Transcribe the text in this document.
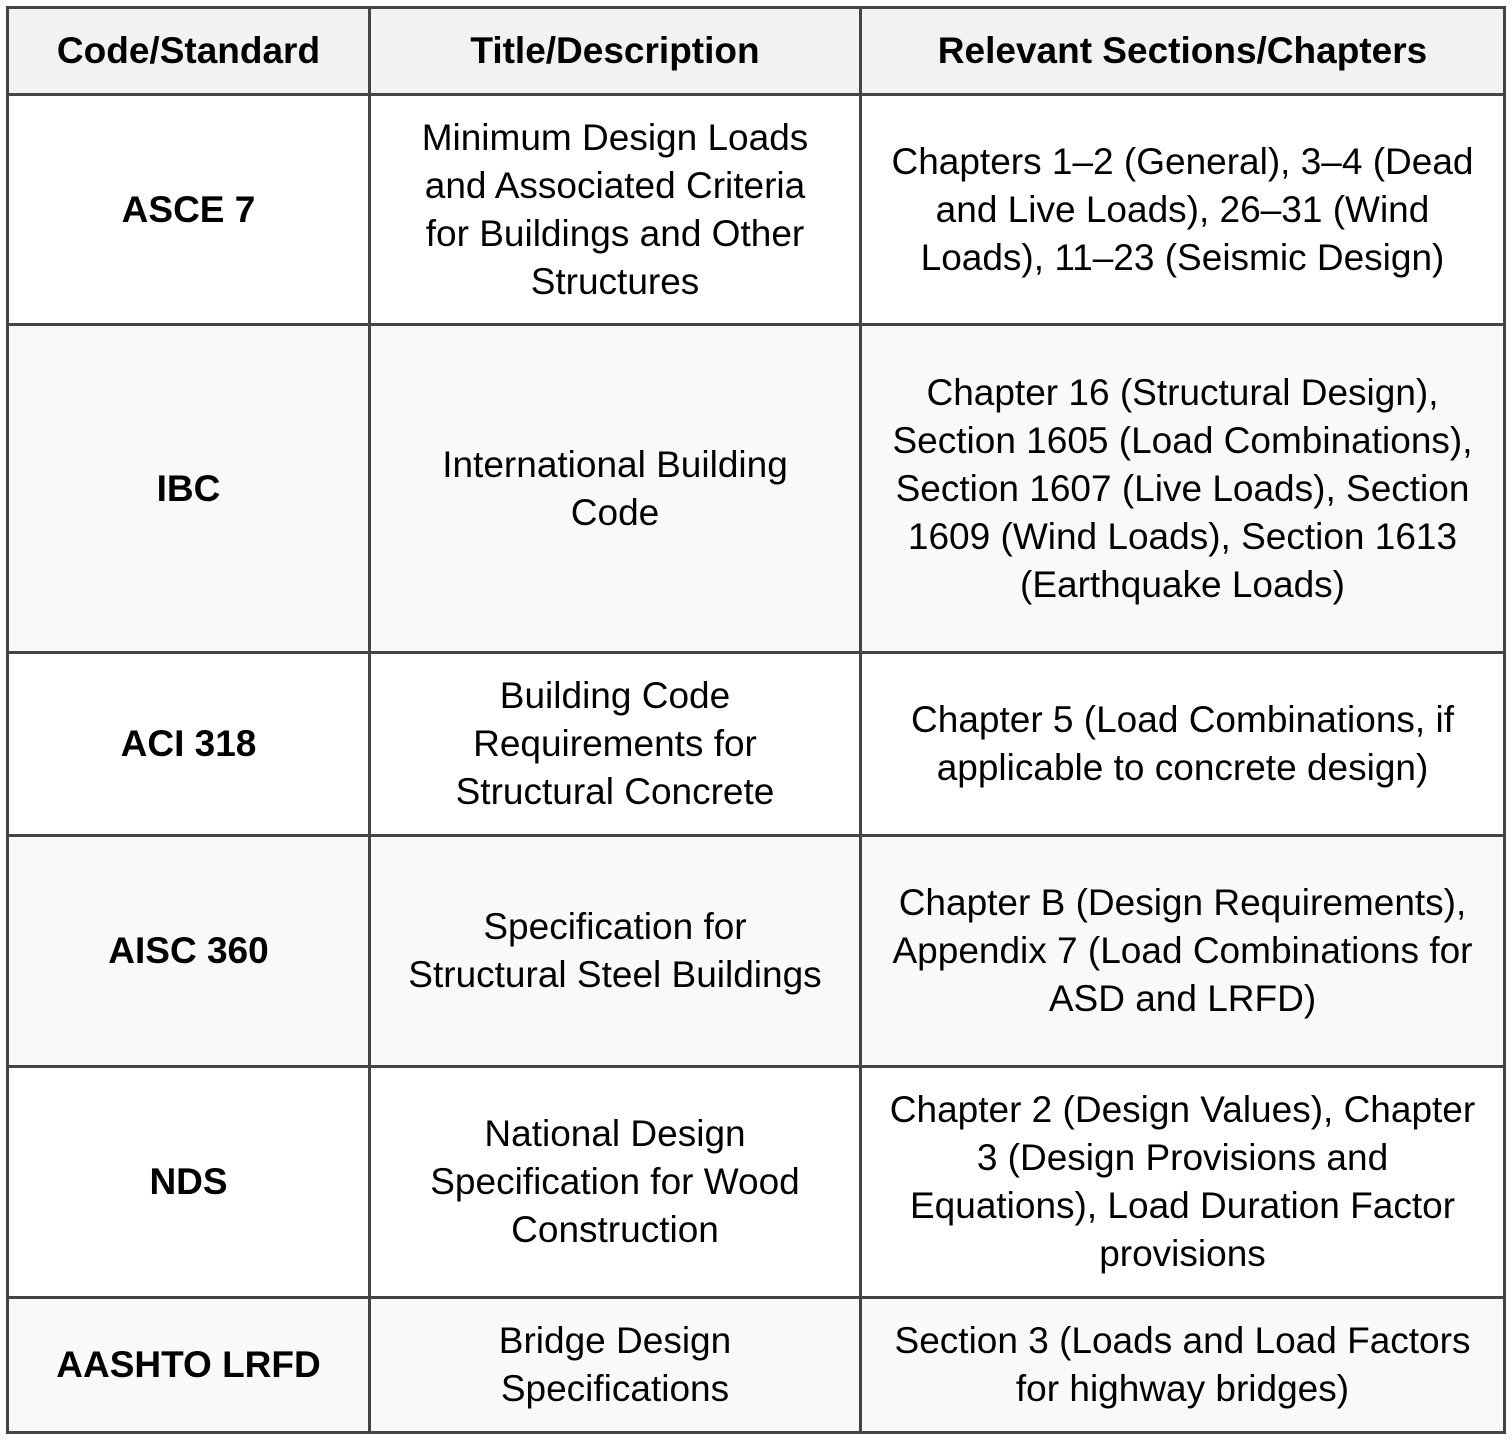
Code/Standard	Title/Description	Relevant Sections/Chapters
ASCE 7	Minimum Design Loads and Associated Criteria for Buildings and Other Structures	Chapters 1–2 (General), 3–4 (Dead and Live Loads), 26–31 (Wind Loads), 11–23 (Seismic Design)
IBC	International Building Code	Chapter 16 (Structural Design), Section 1605 (Load Combinations), Section 1607 (Live Loads), Section 1609 (Wind Loads), Section 1613 (Earthquake Loads)
ACI 318	Building Code Requirements for Structural Concrete	Chapter 5 (Load Combinations, if applicable to concrete design)
AISC 360	Specification for Structural Steel Buildings	Chapter B (Design Requirements), Appendix 7 (Load Combinations for ASD and LRFD)
NDS	National Design Specification for Wood Construction	Chapter 2 (Design Values), Chapter 3 (Design Provisions and Equations), Load Duration Factor provisions
AASHTO LRFD	Bridge Design Specifications	Section 3 (Loads and Load Factors for highway bridges)
